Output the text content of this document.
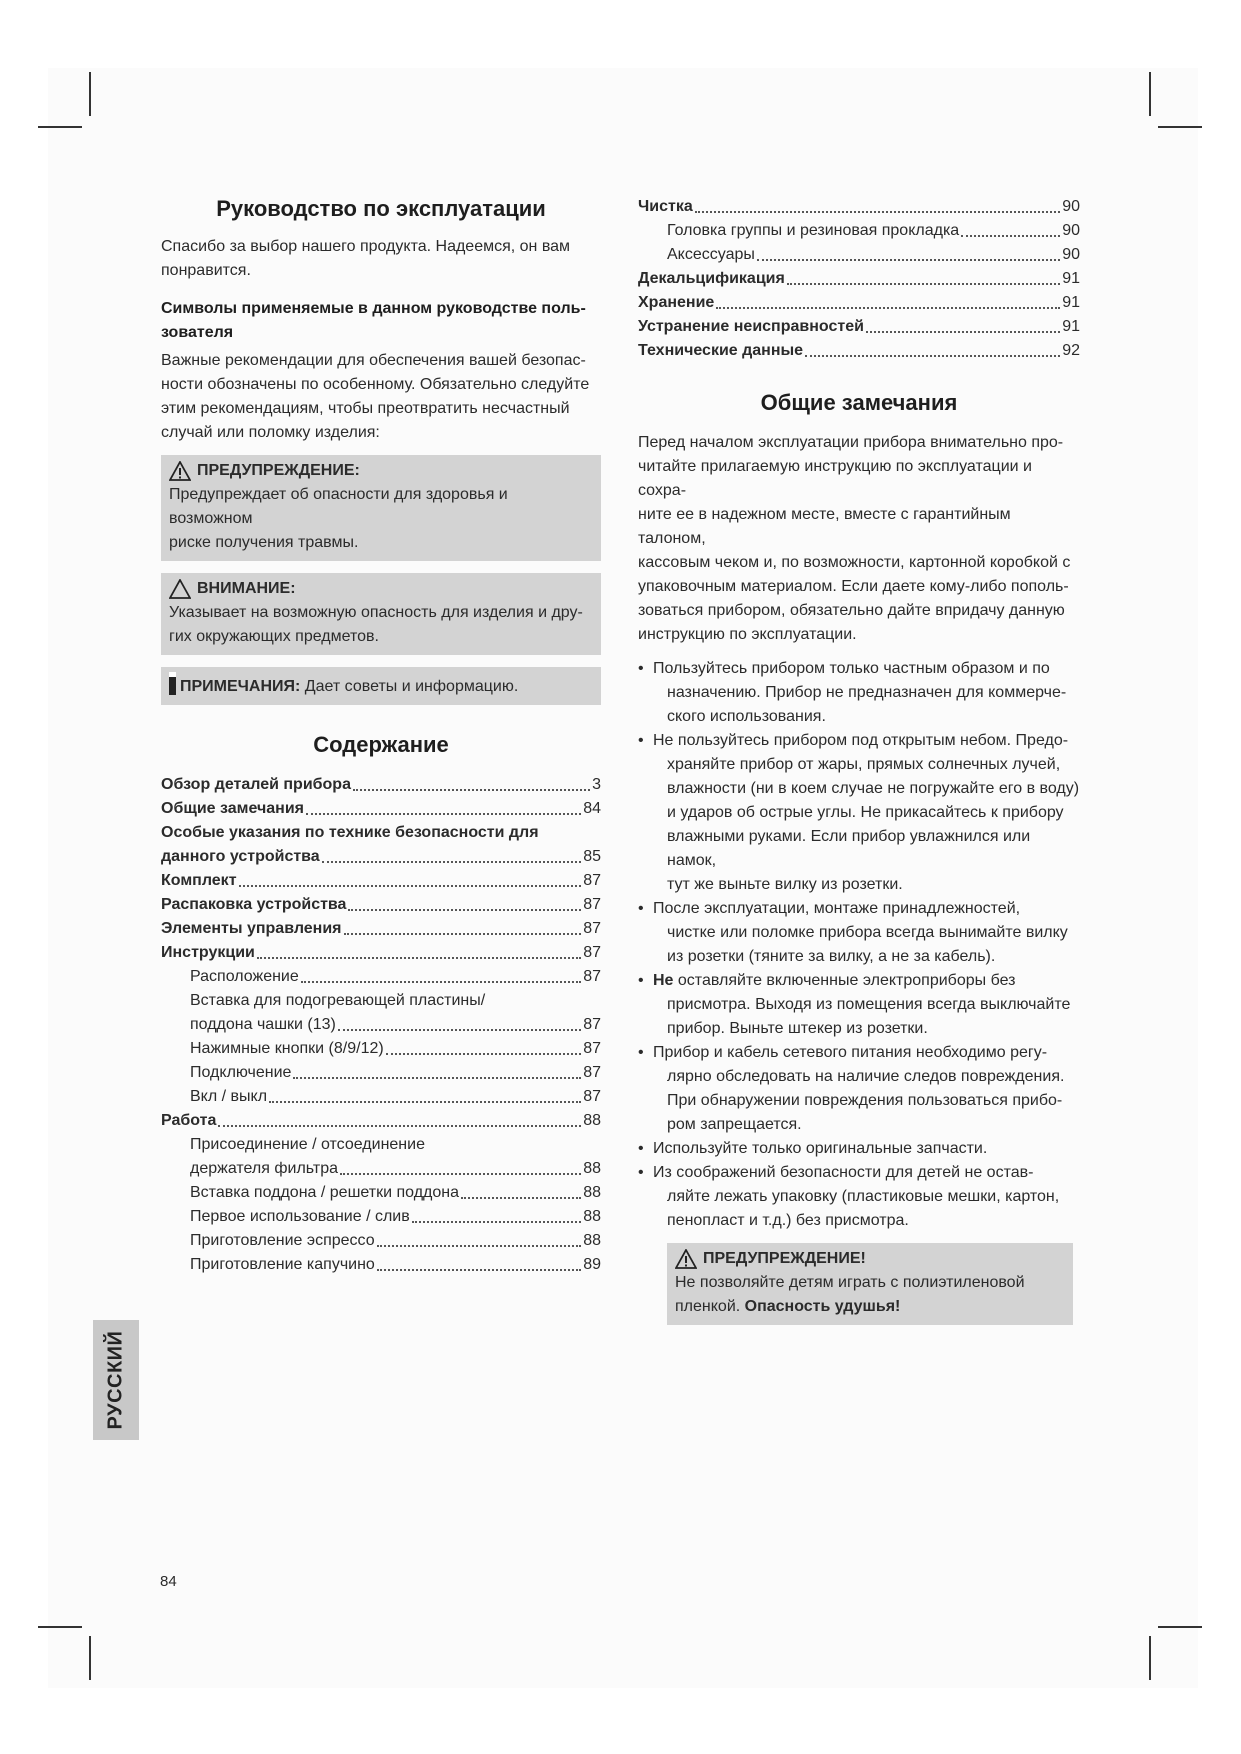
Руководство по эксплуатации

Спасибо за выбор нашего продукта. Надеемся, он вам

понравится.

Символы применяемые в данном руководстве поль-
зователя

Важные рекомендации для обеспечения вашей безопас-

ности обозначены по особенному. Обязательно следуйте

этим рекомендациям, чтобы преотвратить несчастный

случай или поломку изделия:

ПРЕДУПРЕЖДЕНИЕ:
Предупреждает об опасности для здоровья и возможном
риске получения травмы.
ВНИМАНИЕ:
Указывает на возможную опасность для изделия и дру-
гих окружающих предметов.
ПРИМЕЧАНИЯ: Дает советы и информацию.
Содержание
Обзор деталей прибора	3
Общие замечания	84
Особые указания по технике безопасности для
данного устройства	85
Комплект	87
Распаковка устройства	87
Элементы управления	87
Инструкции	87
Расположение	87
Вставка для подогревающей пластины/
поддона чашки (13)	87
Нажимные кнопки (8/9/12)	87
Подключение	87
Вкл / выкл	87
Работа	88
Присоединение / отсоединение
держателя фильтра	88
Вставка поддона / решетки поддона	88
Первое использование / слив	88
Приготовление эспрессо	88
Приготовление капучино	89
Чистка	90
Головка группы и резиновая прокладка	90
Аксессуары	90
Декальцификация	91
Хранение	91
Устранение неисправностей	91
Технические данные	92
Общие замечания

Перед началом эксплуатации прибора внимательно про-

читайте прилагаемую инструкцию по эксплуатации и сохра-

ните ее в надежном месте, вместе с гарантийным талоном,

кассовым чеком и, по возможности, картонной коробкой с

упаковочным материалом. Если даете кому-либо пополь-

зоваться прибором, обязательно дайте впридачу данную

инструкцию по эксплуатации.

• Пользуйтесь прибором только частным образом и по
назначению. Прибор не предназначен для коммерче-
ского использования.
• Не пользуйтесь прибором под открытым небом. Предо-
храняйте прибор от жары, прямых солнечных лучей,
влажности (ни в коем случае не погружайте его в воду)
и ударов об острые углы. Не прикасайтесь к прибору
влажными руками. Если прибор увлажнился или намок,
тут же выньте вилку из розетки.
• После эксплуатации, монтаже принадлежностей,
чистке или поломке прибора всегда вынимайте вилку
из розетки (тяните за вилку, а не за кабель).
• Не оставляйте включенные электроприборы без
присмотра. Выходя из помещения всегда выключайте
прибор. Выньте штекер из розетки.
• Прибор и кабель сетевого питания необходимо регу-
лярно обследовать на наличие следов повреждения.
При обнаружении повреждения пользоваться прибо-
ром запрещается.
• Используйте только оригинальные запчасти.
• Из соображений безопасности для детей не остав-
ляйте лежать упаковку (пластиковые мешки, картон,
пенопласт и т.д.) без присмотра.
ПРЕДУПРЕЖДЕНИЕ!
Не позволяйте детям играть с полиэтиленовой
пленкой. Опасность удушья!
РУССКИЙ
84
